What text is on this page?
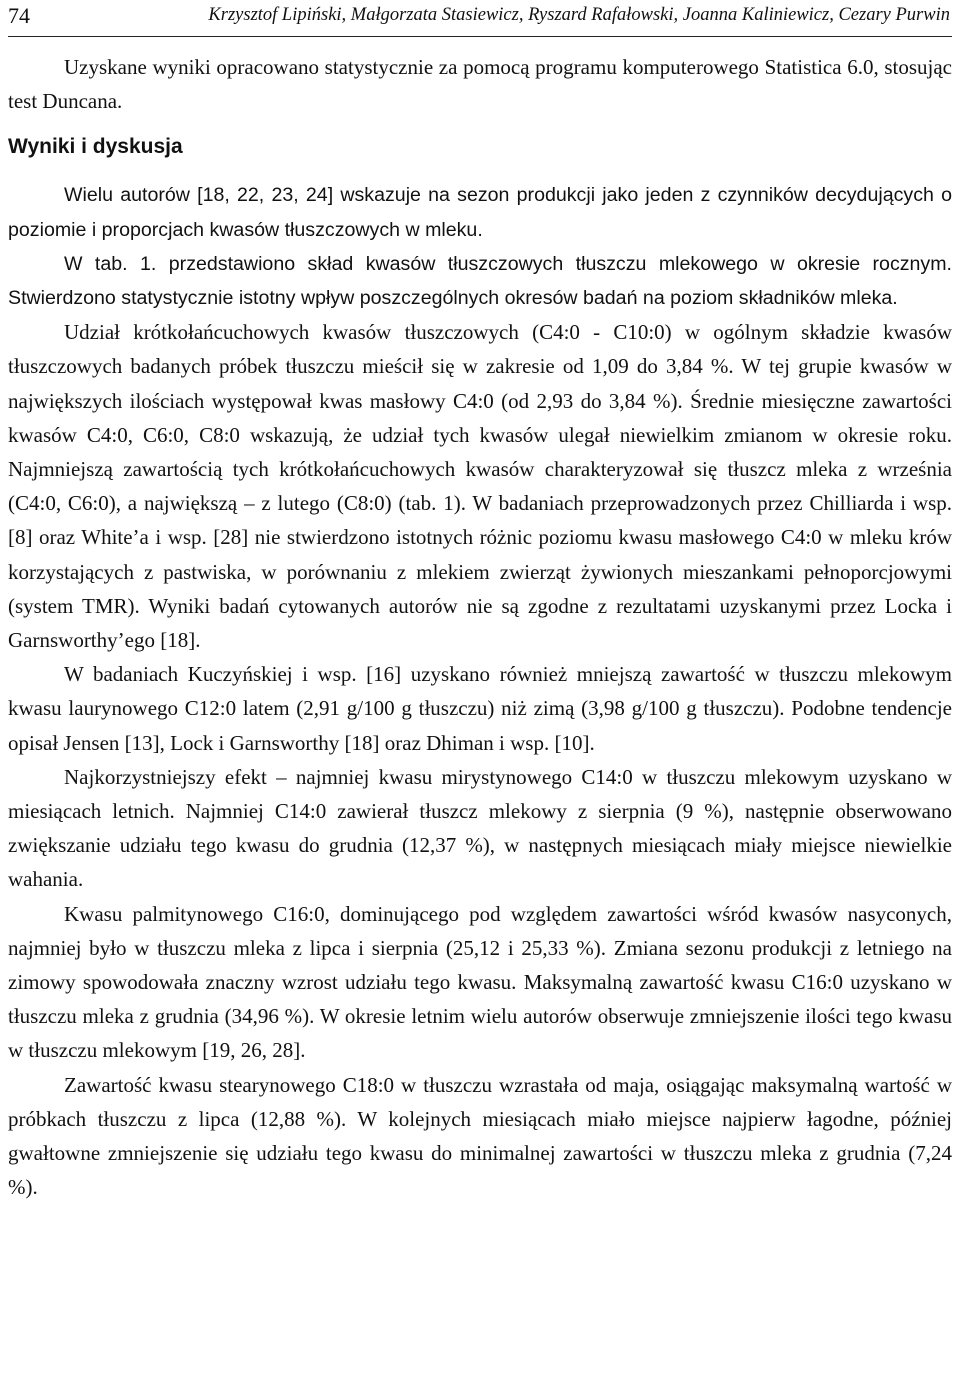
74	Krzysztof Lipiński, Małgorzata Stasiewicz, Ryszard Rafałowski, Joanna Kaliniewicz, Cezary Purwin

Uzyskane wyniki opracowano statystycznie za pomocą programu komputerowego Statistica 6.0, stosując test Duncana.

Wyniki i dyskusja

Wielu autorów [18, 22, 23, 24] wskazuje na sezon produkcji jako jeden z czynników decydujących o poziomie i proporcjach kwasów tłuszczowych w mleku.

W tab. 1. przedstawiono skład kwasów tłuszczowych tłuszczu mlekowego w okresie rocznym. Stwierdzono statystycznie istotny wpływ poszczególnych okresów badań na poziom składników mleka.

Udział krótkołańcuchowych kwasów tłuszczowych (C4:0 - C10:0) w ogólnym składzie kwasów tłuszczowych badanych próbek tłuszczu mieścił się w zakresie od 1,09 do 3,84 %. W tej grupie kwasów w największych ilościach występował kwas masłowy C4:0 (od 2,93 do 3,84 %). Średnie miesięczne zawartości kwasów C4:0, C6:0, C8:0 wskazują, że udział tych kwasów ulegał niewielkim zmianom w okresie roku. Najmniejszą zawartością tych krótkołańcuchowych kwasów charakteryzował się tłuszcz mleka z września (C4:0, C6:0), a największą – z lutego (C8:0) (tab. 1). W badaniach przeprowadzonych przez Chilliarda i wsp. [8] oraz White’a i wsp. [28] nie stwierdzono istotnych różnic poziomu kwasu masłowego C4:0 w mleku krów korzystających z pastwiska, w porównaniu z mlekiem zwierząt żywionych mieszankami pełnoporcjowymi (system TMR). Wyniki badań cytowanych autorów nie są zgodne z rezultatami uzyskanymi przez Locka i Garnsworthy’ego [18].

W badaniach Kuczyńskiej i wsp. [16] uzyskano również mniejszą zawartość w tłuszczu mlekowym kwasu laurynowego C12:0 latem (2,91 g/100 g tłuszczu) niż zimą (3,98 g/100 g tłuszczu). Podobne tendencje opisał Jensen [13], Lock i Garnsworthy [18] oraz Dhiman i wsp. [10].

Najkorzystniejszy efekt – najmniej kwasu mirystynowego C14:0 w tłuszczu mlekowym uzyskano w miesiącach letnich. Najmniej C14:0 zawierał tłuszcz mlekowy z sierpnia (9 %), następnie obserwowano zwiększanie udziału tego kwasu do grudnia (12,37 %), w następnych miesiącach miały miejsce niewielkie wahania.

Kwasu palmitynowego C16:0, dominującego pod względem zawartości wśród kwasów nasyconych, najmniej było w tłuszczu mleka z lipca i sierpnia (25,12 i 25,33 %). Zmiana sezonu produkcji z letniego na zimowy spowodowała znaczny wzrost udziału tego kwasu. Maksymalną zawartość kwasu C16:0 uzyskano w tłuszczu mleka z grudnia (34,96 %). W okresie letnim wielu autorów obserwuje zmniejszenie ilości tego kwasu w tłuszczu mlekowym [19, 26, 28].

Zawartość kwasu stearynowego C18:0 w tłuszczu wzrastała od maja, osiągając maksymalną wartość w próbkach tłuszczu z lipca (12,88 %). W kolejnych miesiącach miało miejsce najpierw łagodne, później gwałtowne zmniejszenie się udziału tego kwasu do minimalnej zawartości w tłuszczu mleka z grudnia (7,24 %).
